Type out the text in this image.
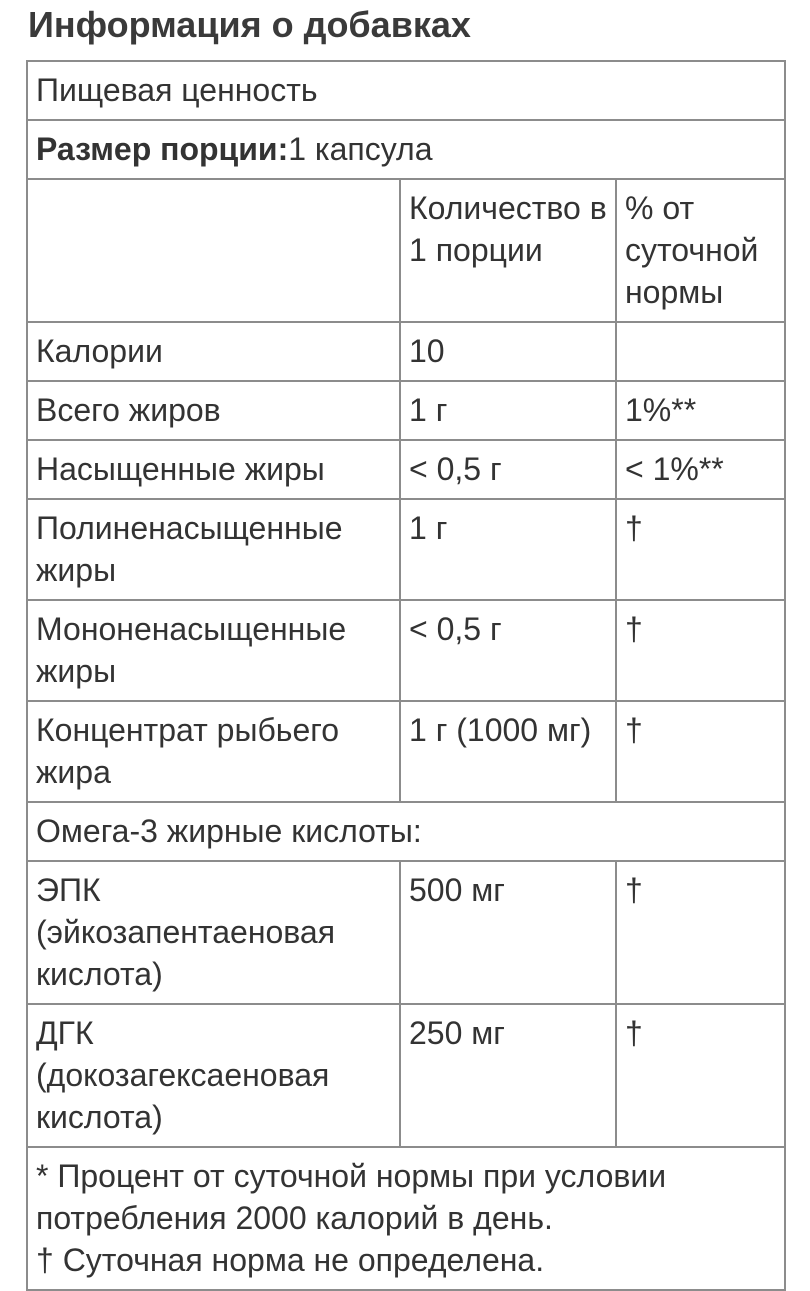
Информация о добавках
Пищевая ценность		
Размер порции:1 капсула		
	Количество в 1 порции	% от суточной нормы
Калории	10	
Всего жиров	1 г	1%**
Насыщенные жиры	< 0,5 г	< 1%**
Полиненасыщенные жиры	1 г	†
Мононенасыщенные жиры	< 0,5 г	†
Концентрат рыбьего жира	1 г (1000 мг)	†
Омега-3 жирные кислоты:		
ЭПК (эйкозапентаеновая кислота)	500 мг	†
ДГК (докозагексаеновая кислота)	250 мг	†

* Процент от суточной нормы при условии потребления 2000 калорий в день.
† Суточная норма не определена.		
